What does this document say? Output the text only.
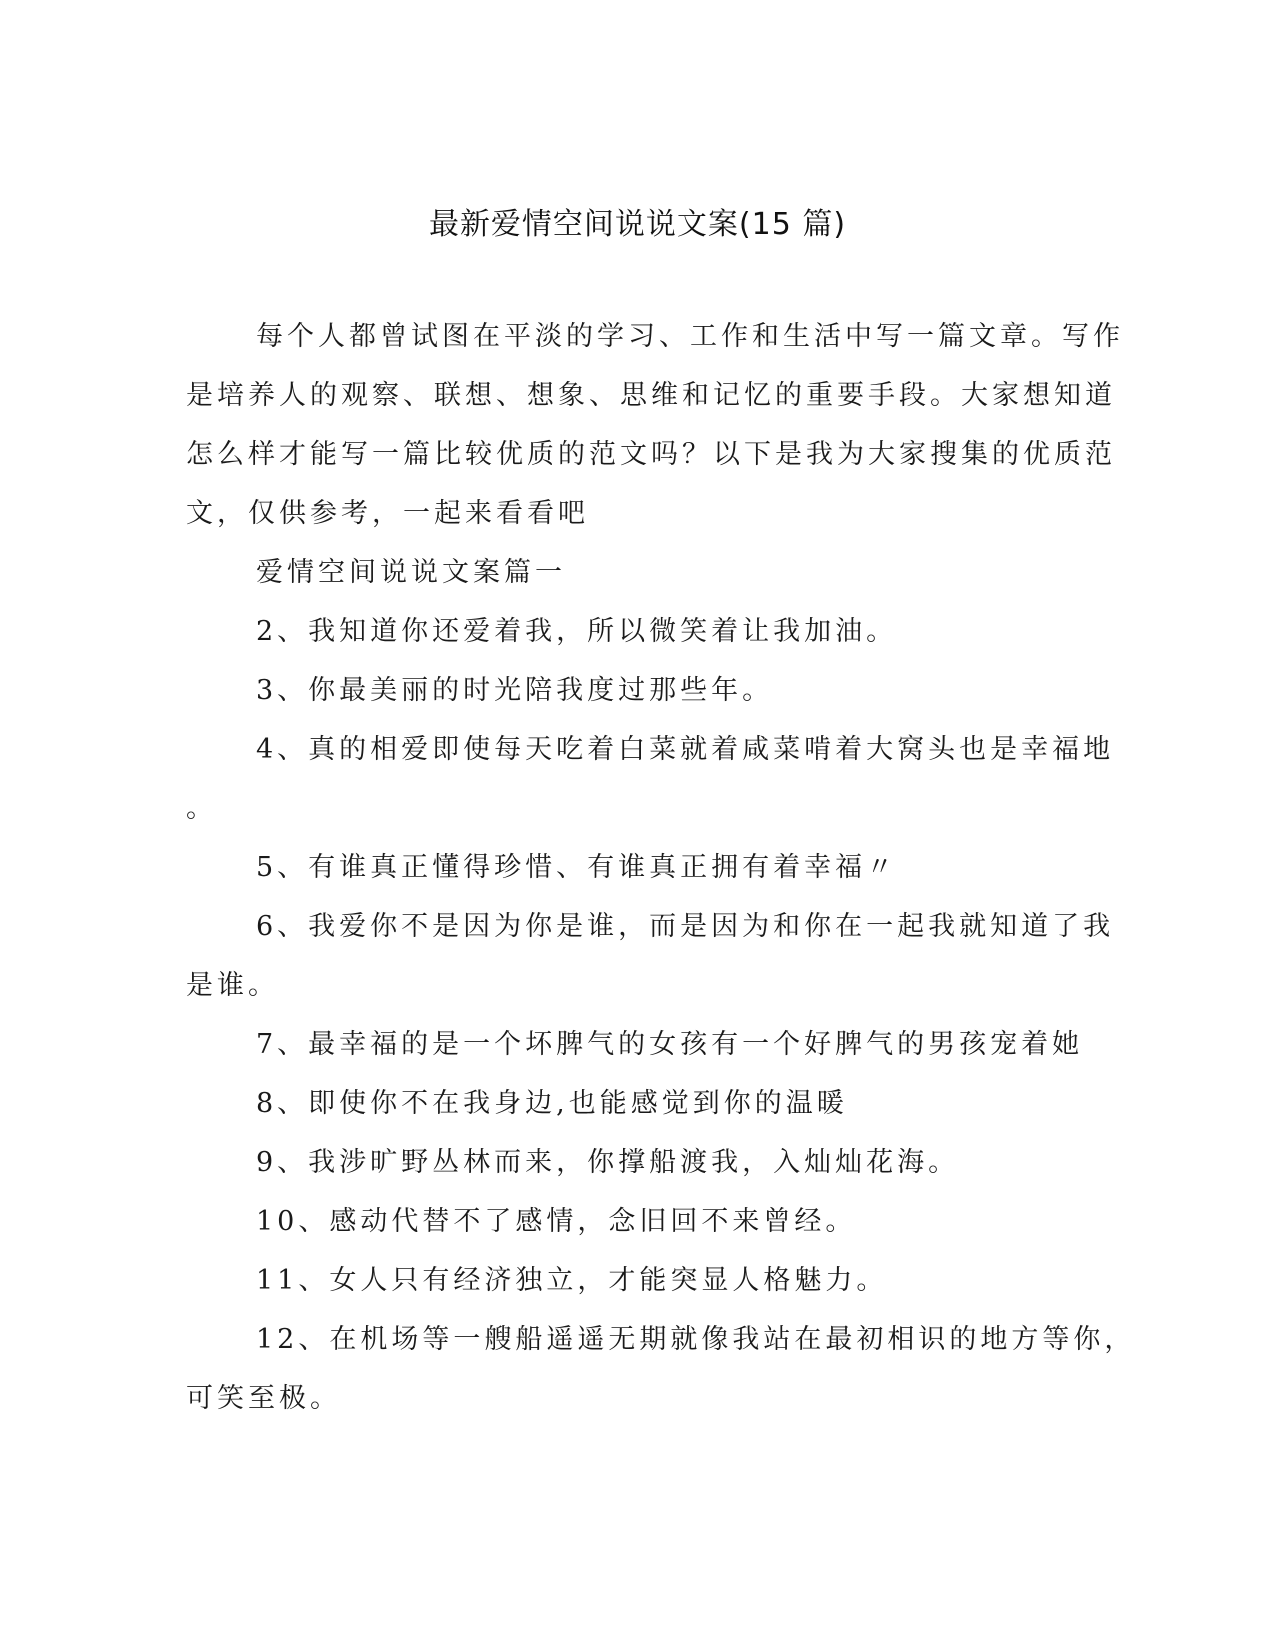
最新爱情空间说说文案(15 篇)
每个人都曾试图在平淡的学习、工作和生活中写一篇文章。写作
是培养人的观察、联想、想象、思维和记忆的重要手段。大家想知道
怎么样才能写一篇比较优质的范文吗？以下是我为大家搜集的优质范
文，仅供参考，一起来看看吧
爱情空间说说文案篇一
2、我知道你还爱着我，所以微笑着让我加油。
3、你最美丽的时光陪我度过那些年。
4、真的相爱即使每天吃着白菜就着咸菜啃着大窝头也是幸福地
。
5、有谁真正懂得珍惜、有谁真正拥有着幸福〃
6、我爱你不是因为你是谁，而是因为和你在一起我就知道了我
是谁。
7、最幸福的是一个坏脾气的女孩有一个好脾气的男孩宠着她
8、即使你不在我身边,也能感觉到你的温暖
9、我涉旷野丛林而来，你撑船渡我，入灿灿花海。
10、感动代替不了感情，念旧回不来曾经。
11、女人只有经济独立，才能突显人格魅力。
12、在机场等一艘船遥遥无期就像我站在最初相识的地方等你，
可笑至极。
